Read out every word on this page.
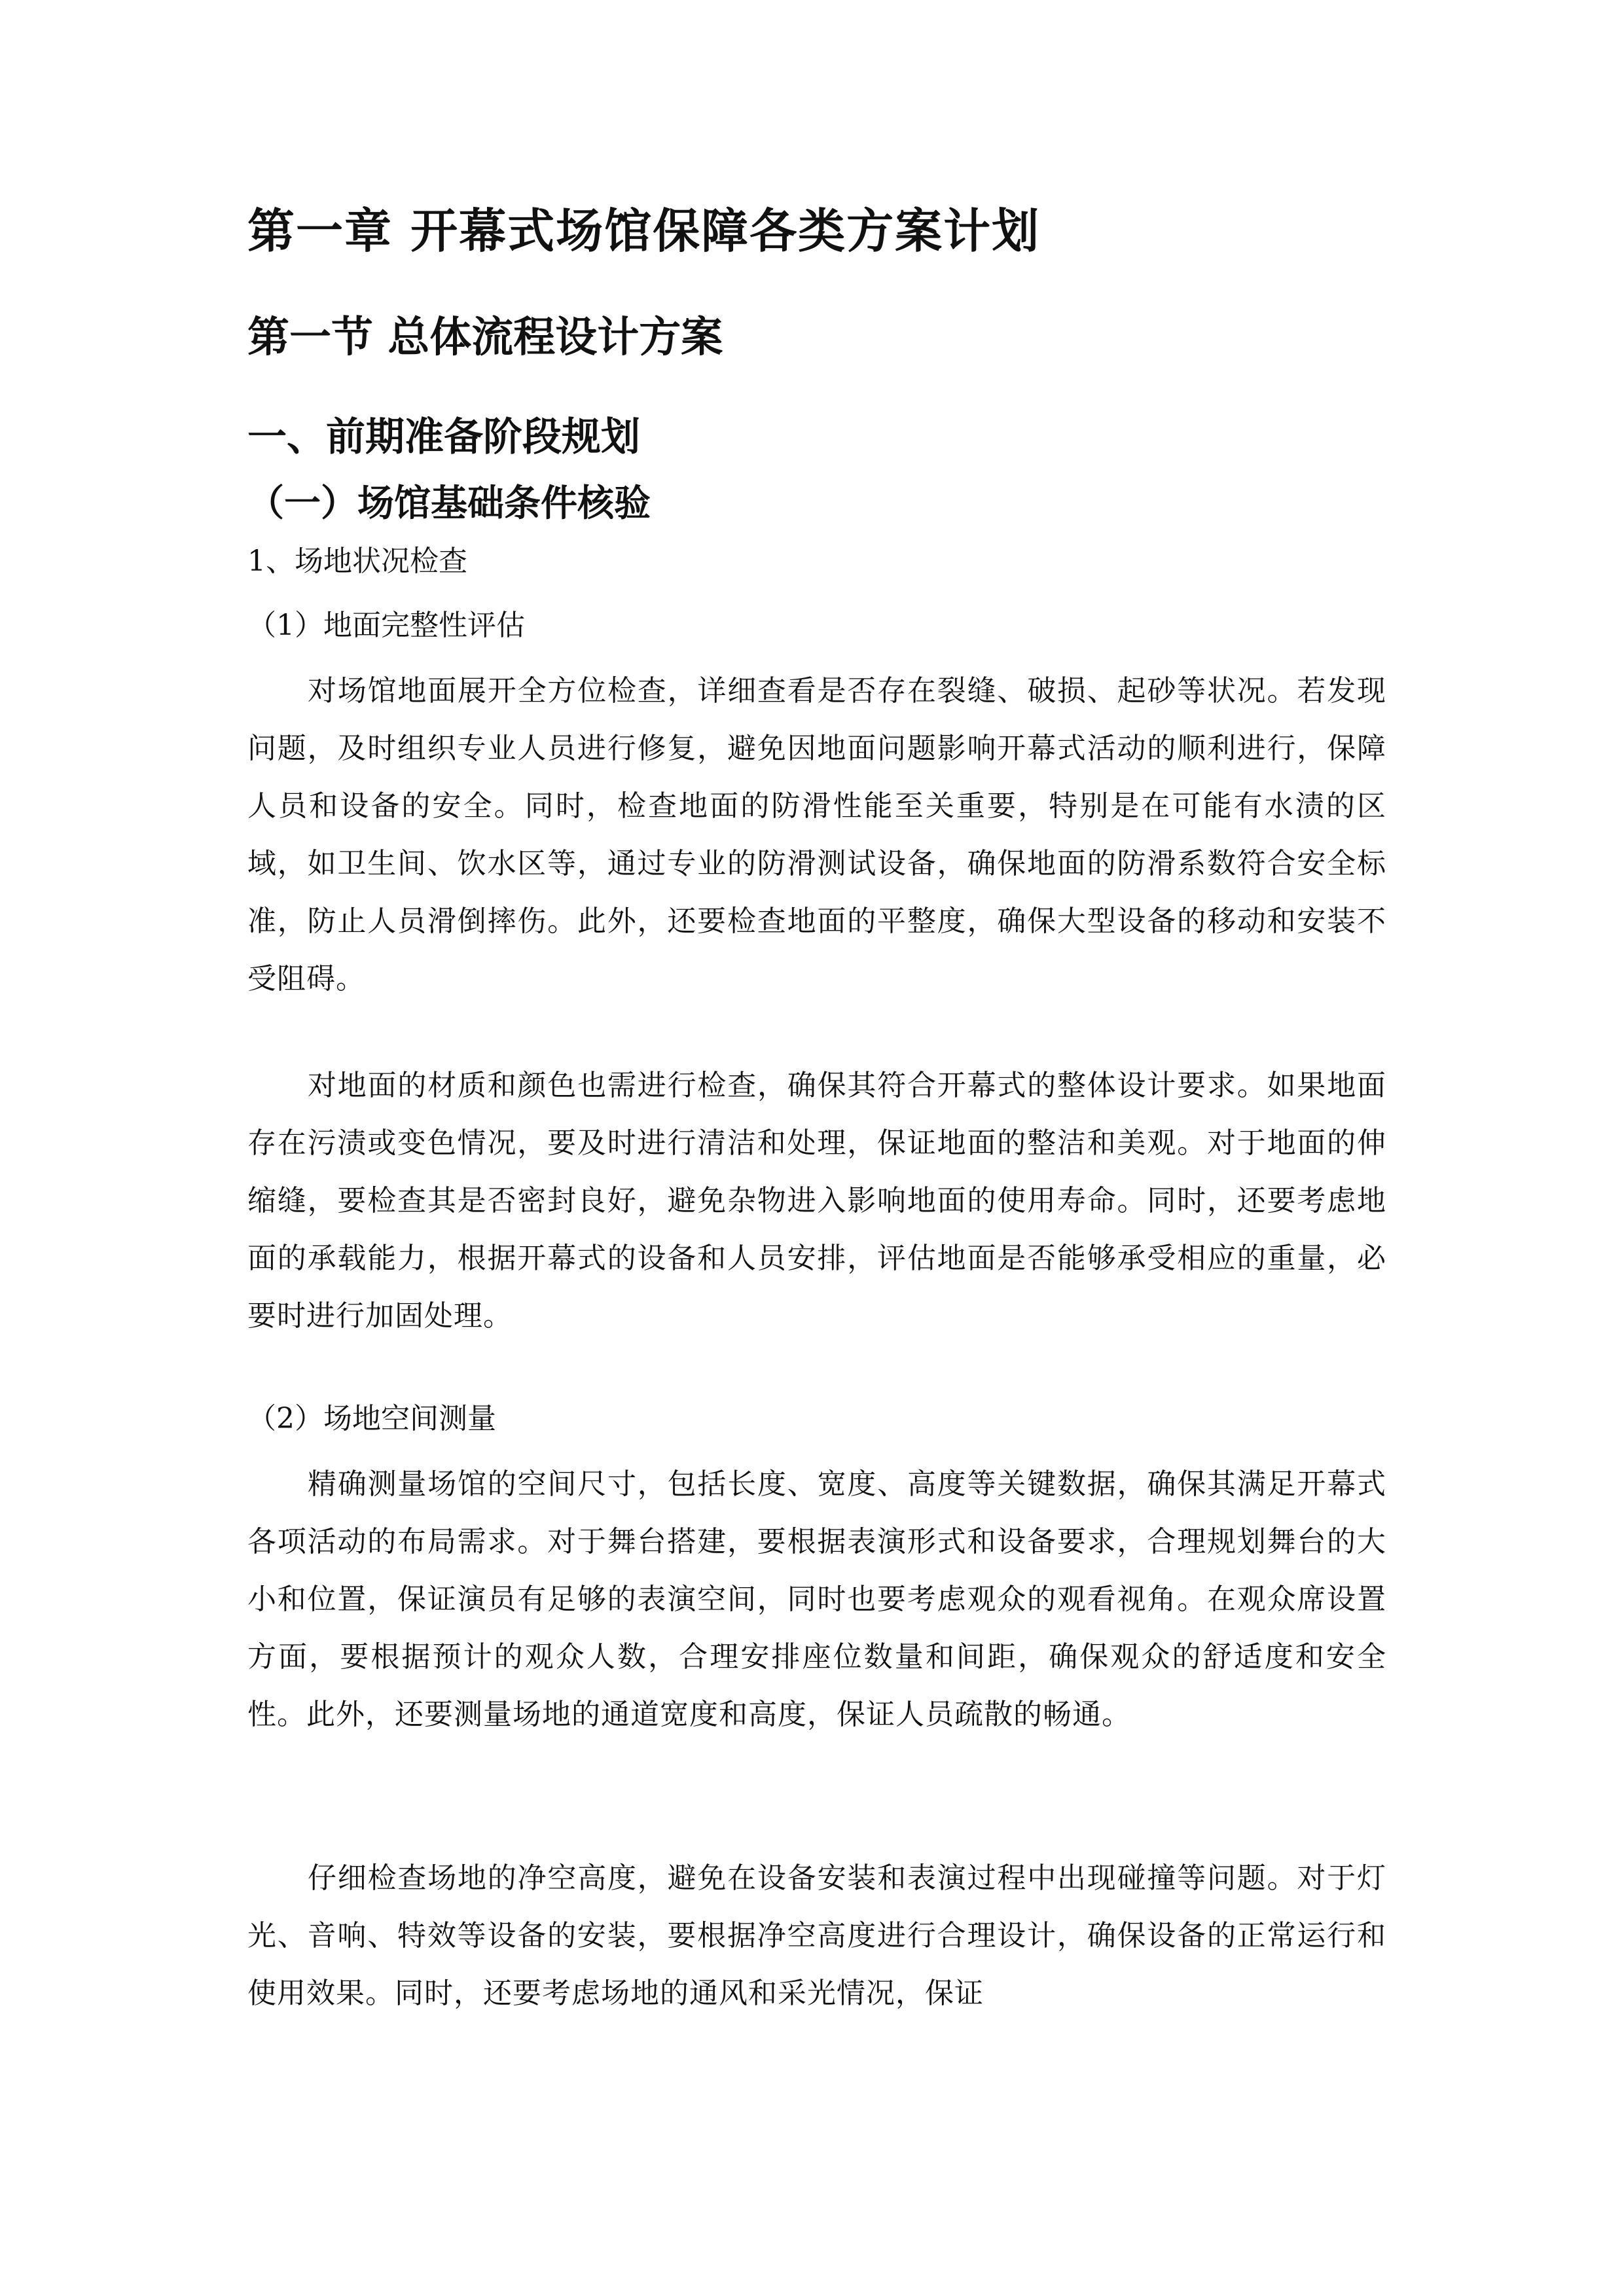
第一章 开幕式场馆保障各类方案计划
第一节 总体流程设计方案
一、前期准备阶段规划
（一）场馆基础条件核验
1、场地状况检查
（1）地面完整性评估

对场馆地面展开全方位检查，详细查看是否存在裂缝、破损、起砂等状况。若发现问题，及时组织专业人员进行修复，避免因地面问题影响开幕式活动的顺利进行，保障人员和设备的安全。同时，检查地面的防滑性能至关重要，特别是在可能有水渍的区域，如卫生间、饮水区等，通过专业的防滑测试设备，确保地面的防滑系数符合安全标准，防止人员滑倒摔伤。此外，还要检查地面的平整度，确保大型设备的移动和安装不受阻碍。

对地面的材质和颜色也需进行检查，确保其符合开幕式的整体设计要求。如果地面存在污渍或变色情况，要及时进行清洁和处理，保证地面的整洁和美观。对于地面的伸缩缝，要检查其是否密封良好，避免杂物进入影响地面的使用寿命。同时，还要考虑地面的承载能力，根据开幕式的设备和人员安排，评估地面是否能够承受相应的重量，必要时进行加固处理。

（2）场地空间测量

精确测量场馆的空间尺寸，包括长度、宽度、高度等关键数据，确保其满足开幕式各项活动的布局需求。对于舞台搭建，要根据表演形式和设备要求，合理规划舞台的大小和位置，保证演员有足够的表演空间，同时也要考虑观众的观看视角。在观众席设置方面，要根据预计的观众人数，合理安排座位数量和间距，确保观众的舒适度和安全性。此外，还要测量场地的通道宽度和高度，保证人员疏散的畅通。

仔细检查场地的净空高度，避免在设备安装和表演过程中出现碰撞等问题。对于灯光、音响、特效等设备的安装，要根据净空高度进行合理设计，确保设备的正常运行和使用效果。同时，还要考虑场地的通风和采光情况，保证
